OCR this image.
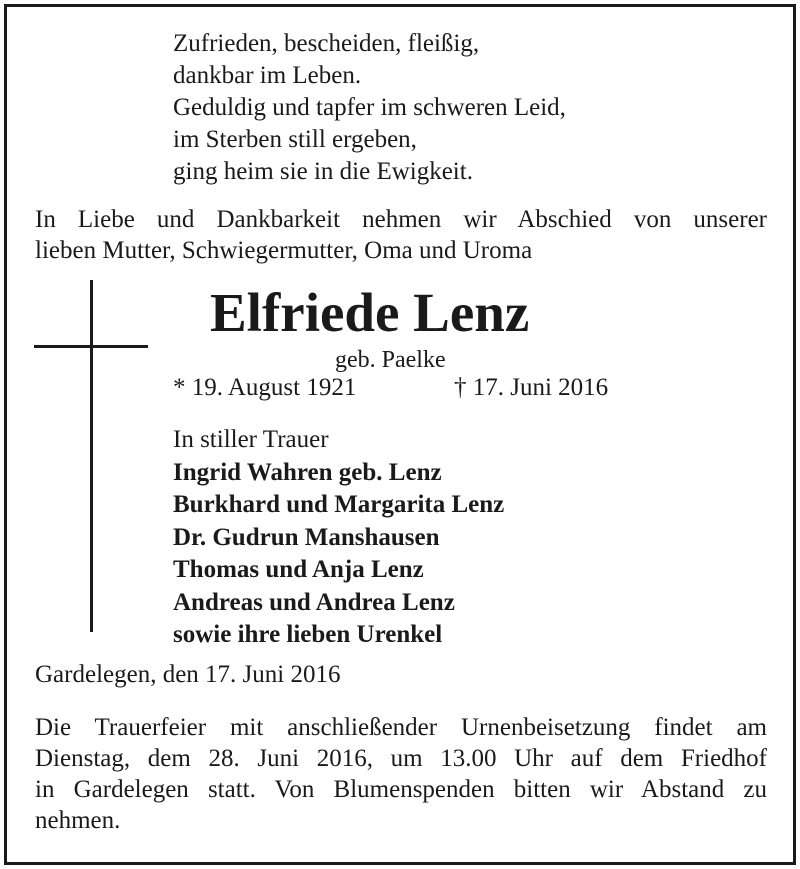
Zufrieden, bescheiden, fleißig,
dankbar im Leben.
Geduldig und tapfer im schweren Leid,
im Sterben still ergeben,
ging heim sie in die Ewigkeit.
In Liebe und Dankbarkeit nehmen wir Abschied von unserer
lieben Mutter, Schwiegermutter, Oma und Uroma
Elfriede Lenz
geb. Paelke
* 19. August 1921	† 17. Juni 2016
In stiller Trauer
Ingrid Wahren geb. Lenz
Burkhard und Margarita Lenz
Dr. Gudrun Manshausen
Thomas und Anja Lenz
Andreas und Andrea Lenz
sowie ihre lieben Urenkel
Gardelegen, den 17. Juni 2016
Die Trauerfeier mit anschließender Urnenbeisetzung findet am
Dienstag, dem 28. Juni 2016, um 13.00 Uhr auf dem Friedhof
in Gardelegen statt. Von Blumenspenden bitten wir Abstand zu
nehmen.
